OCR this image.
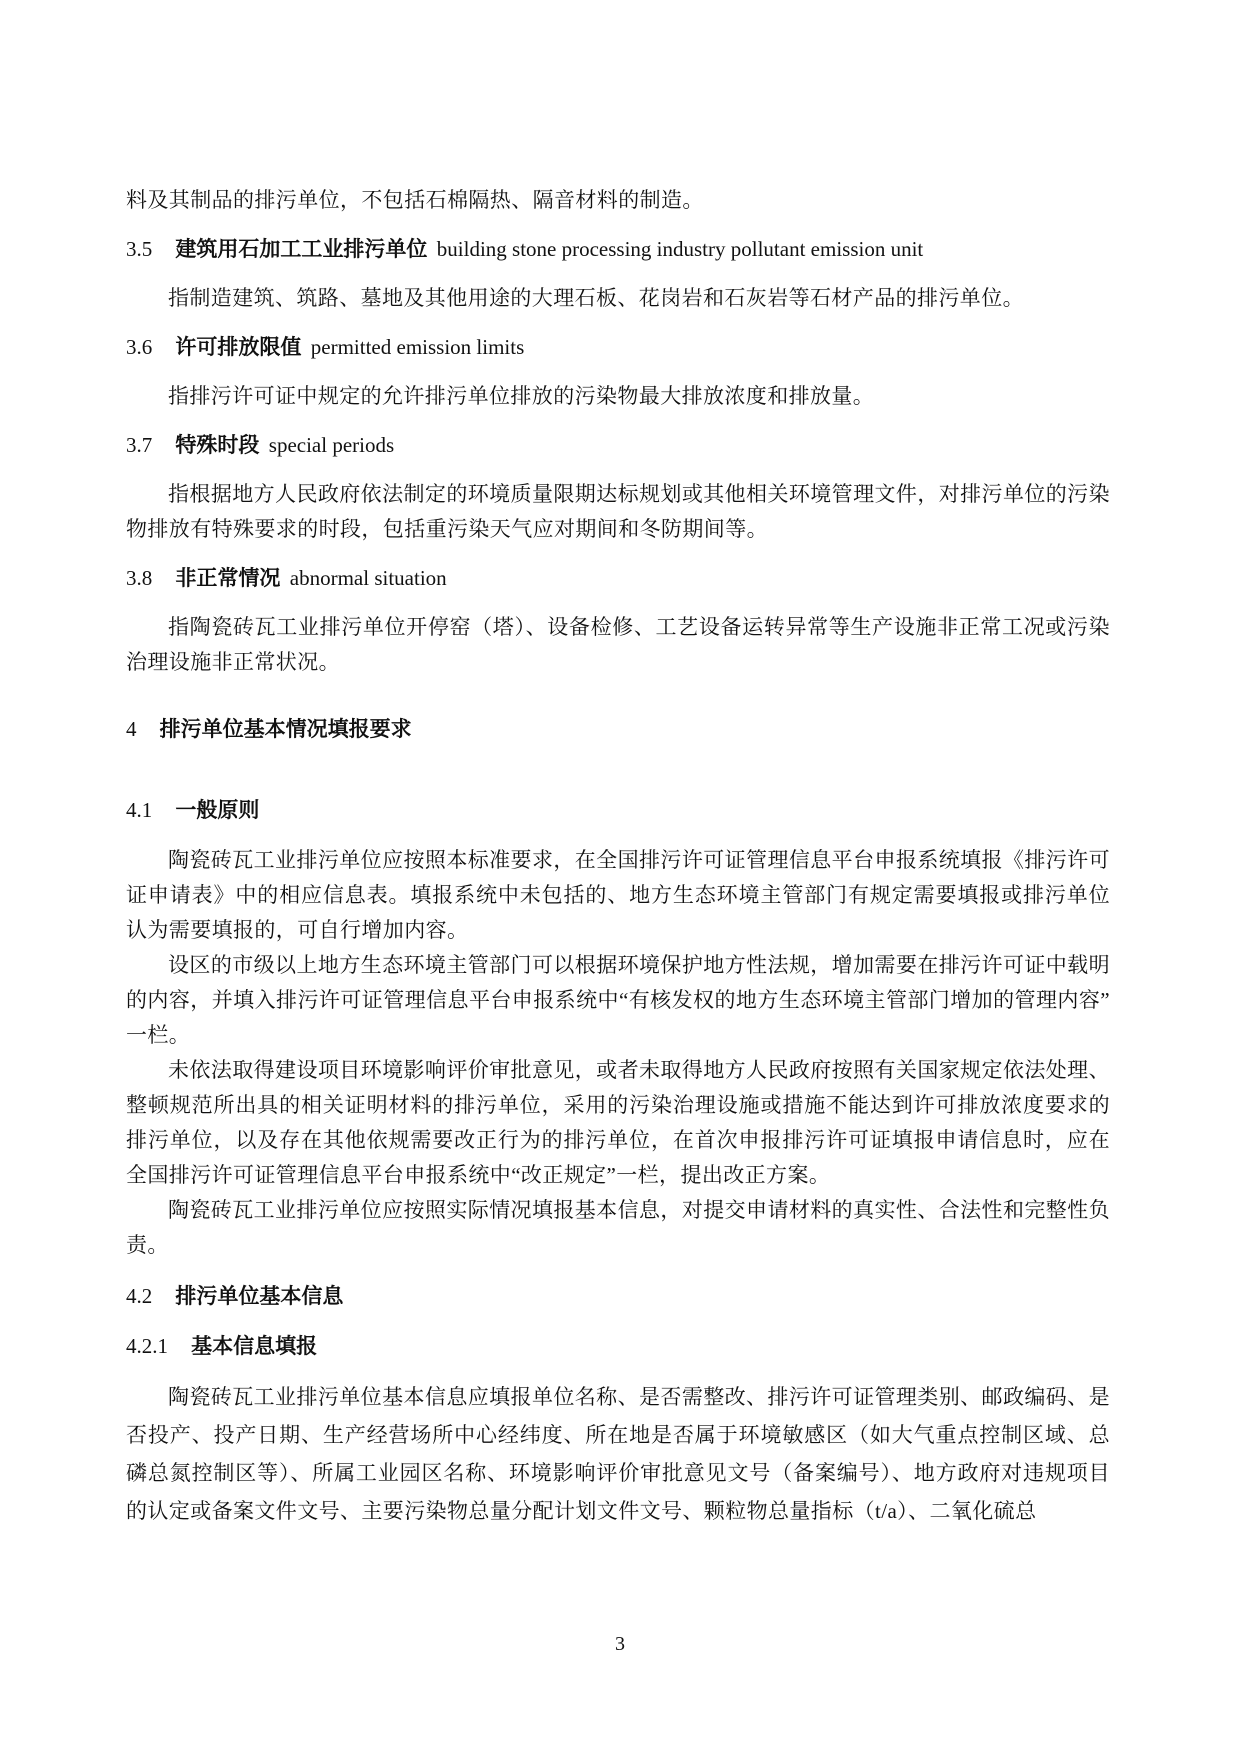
料及其制品的排污单位，不包括石棉隔热、隔音材料的制造。

3.5 建筑用石加工工业排污单位 building stone processing industry pollutant emission unit

指制造建筑、筑路、墓地及其他用途的大理石板、花岗岩和石灰岩等石材产品的排污单位。

3.6 许可排放限值 permitted emission limits

指排污许可证中规定的允许排污单位排放的污染物最大排放浓度和排放量。

3.7 特殊时段 special periods

指根据地方人民政府依法制定的环境质量限期达标规划或其他相关环境管理文件，对排污单位的污染物排放有特殊要求的时段，包括重污染天气应对期间和冬防期间等。

3.8 非正常情况 abnormal situation

指陶瓷砖瓦工业排污单位开停窑（塔）、设备检修、工艺设备运转异常等生产设施非正常工况或污染治理设施非正常状况。

4 排污单位基本情况填报要求
4.1 一般原则

陶瓷砖瓦工业排污单位应按照本标准要求，在全国排污许可证管理信息平台申报系统填报《排污许可证申请表》中的相应信息表。填报系统中未包括的、地方生态环境主管部门有规定需要填报或排污单位认为需要填报的，可自行增加内容。

设区的市级以上地方生态环境主管部门可以根据环境保护地方性法规，增加需要在排污许可证中载明的内容，并填入排污许可证管理信息平台申报系统中“有核发权的地方生态环境主管部门增加的管理内容”一栏。

未依法取得建设项目环境影响评价审批意见，或者未取得地方人民政府按照有关国家规定依法处理、整顿规范所出具的相关证明材料的排污单位，采用的污染治理设施或措施不能达到许可排放浓度要求的排污单位，以及存在其他依规需要改正行为的排污单位，在首次申报排污许可证填报申请信息时，应在全国排污许可证管理信息平台申报系统中“改正规定”一栏，提出改正方案。

陶瓷砖瓦工业排污单位应按照实际情况填报基本信息，对提交申请材料的真实性、合法性和完整性负责。

4.2 排污单位基本信息
4.2.1 基本信息填报

陶瓷砖瓦工业排污单位基本信息应填报单位名称、是否需整改、排污许可证管理类别、邮政编码、是否投产、投产日期、生产经营场所中心经纬度、所在地是否属于环境敏感区（如大气重点控制区域、总磷总氮控制区等）、所属工业园区名称、环境影响评价审批意见文号（备案编号）、地方政府对违规项目的认定或备案文件文号、主要污染物总量分配计划文件文号、颗粒物总量指标（t/a）、二氧化硫总

3
